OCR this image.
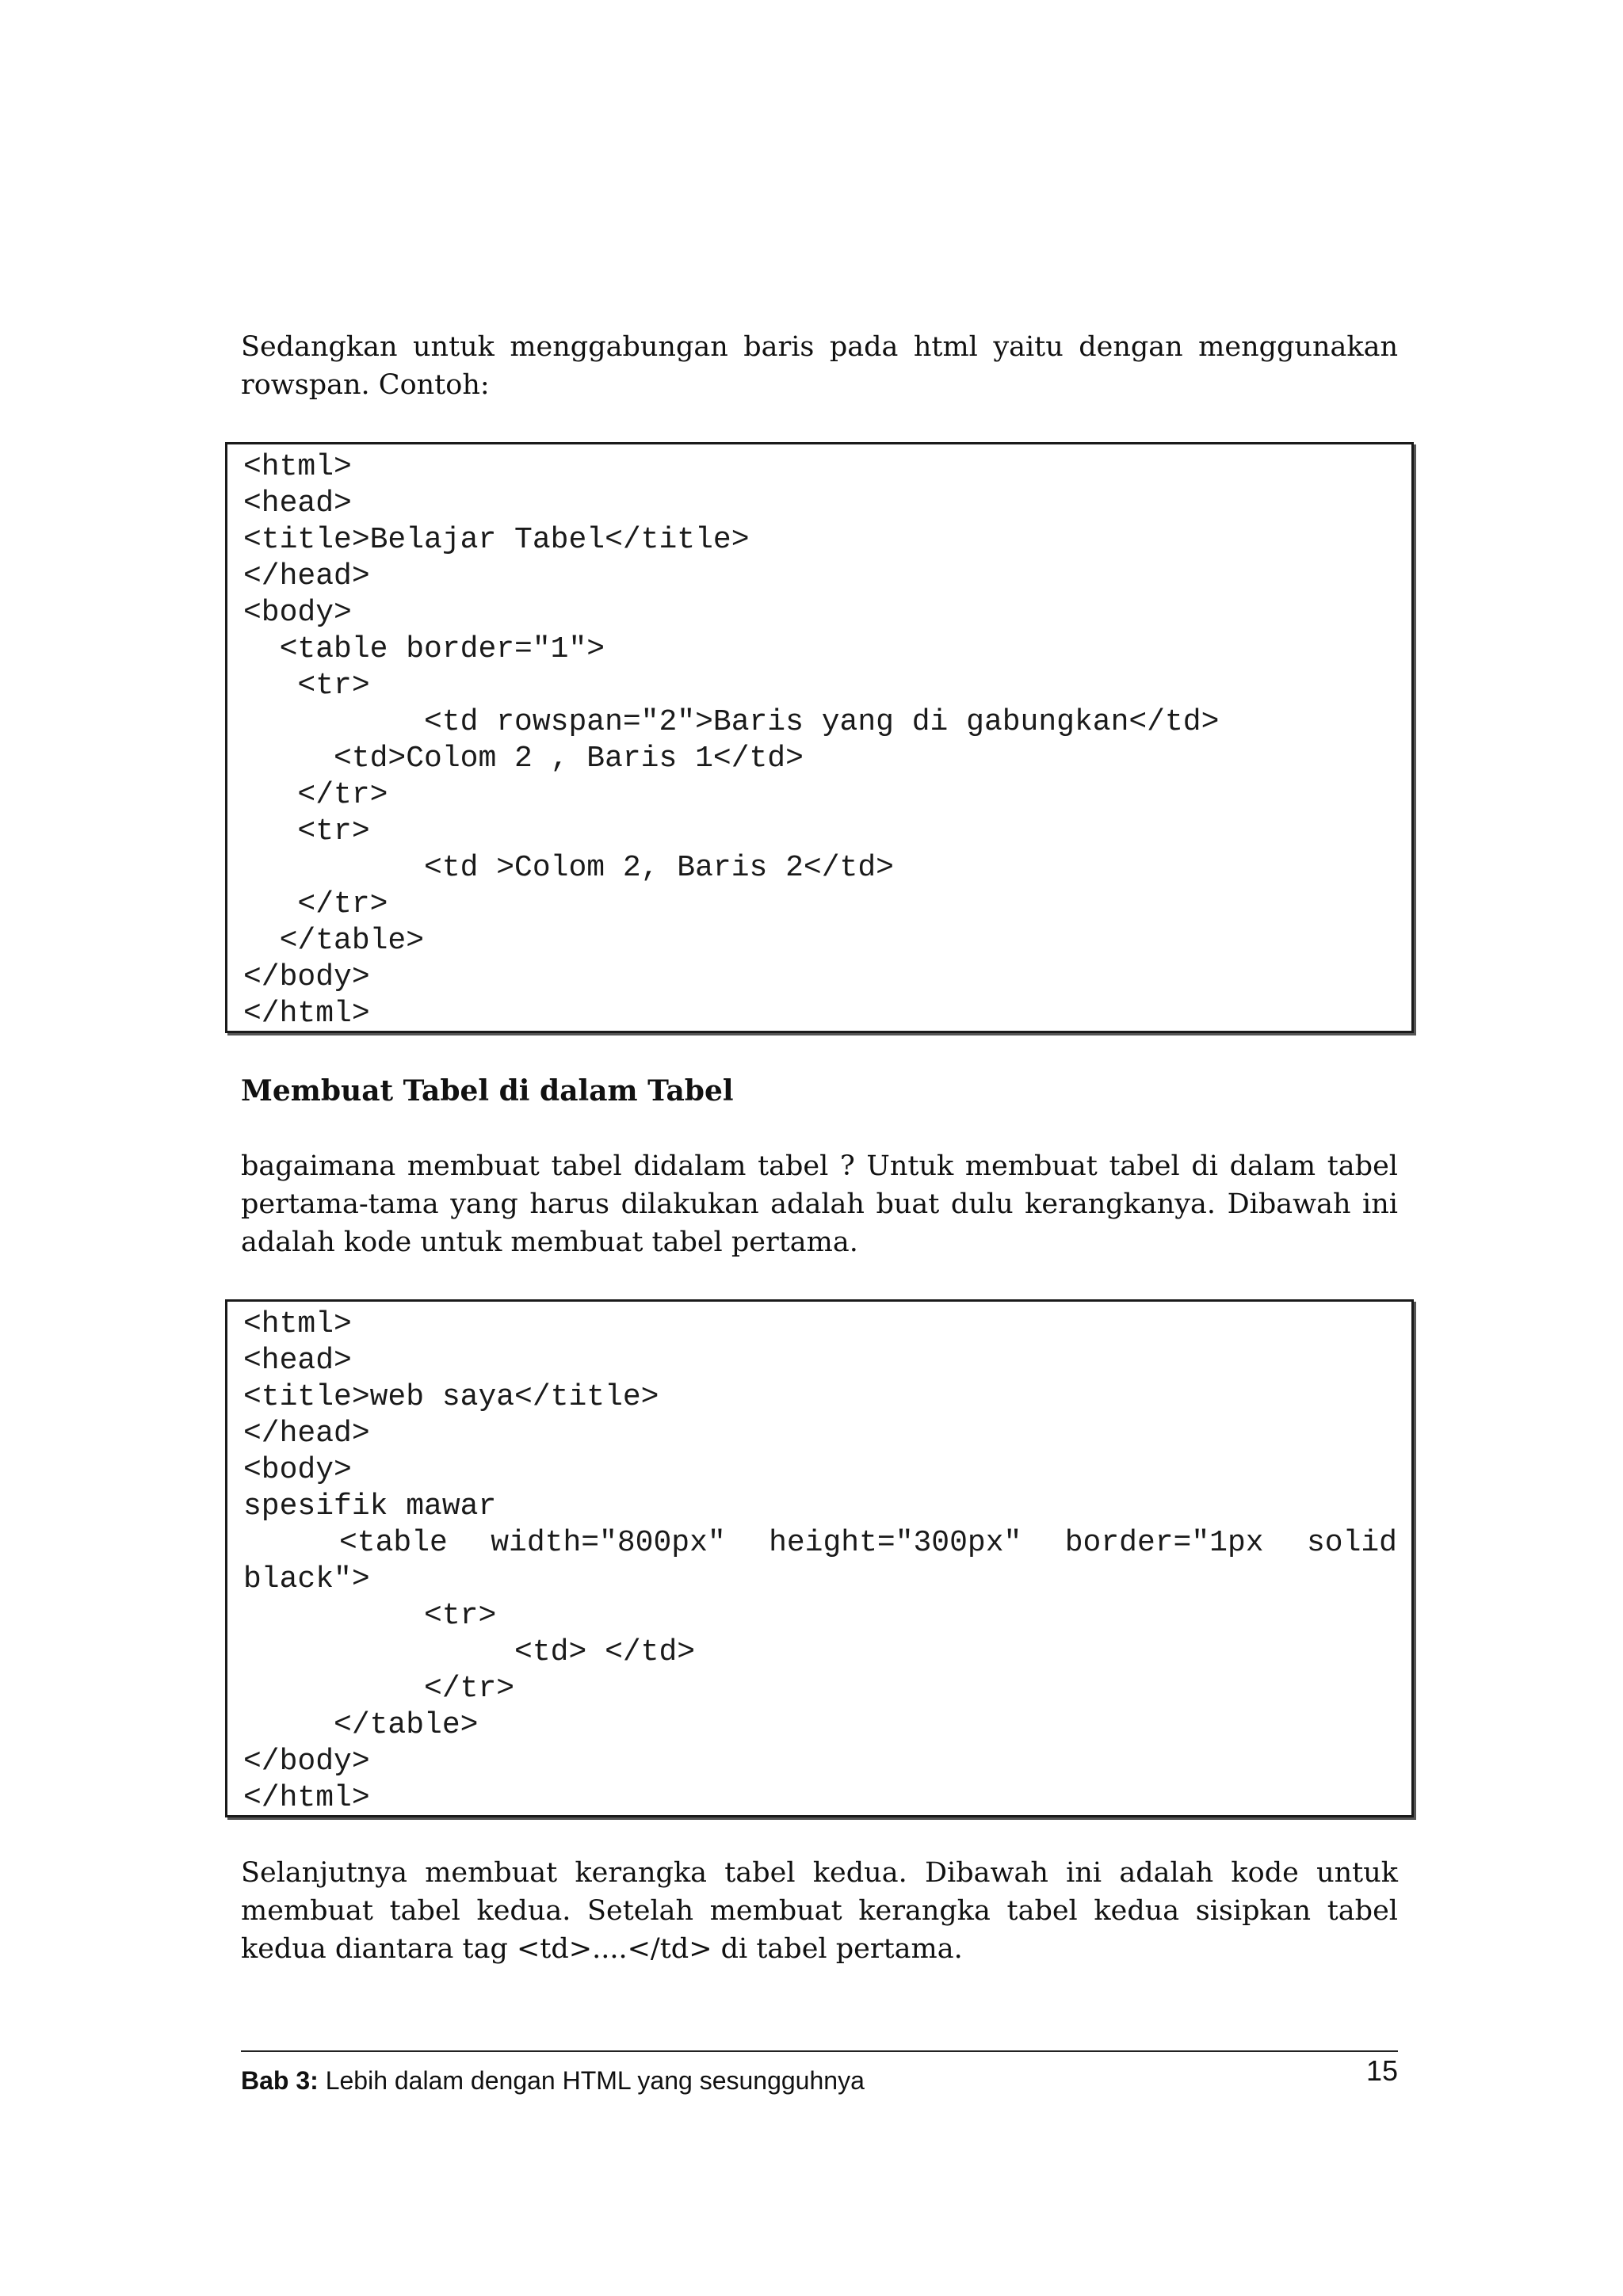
Sedangkan untuk menggabungan baris pada html yaitu dengan menggunakan rowspan. Contoh:

<html>
<head>
<title>Belajar Tabel</title>
</head>
<body>
<table border="1">
<tr>
<td rowspan="2">Baris yang di gabungkan</td>
<td>Colom 2 , Baris 1</td>
</tr>
<tr>
<td >Colom 2, Baris 2</td>
</tr>
</table>
</body>
</html>
Membuat Tabel di dalam Tabel

bagaimana membuat tabel didalam tabel ? Untuk membuat tabel di dalam tabel pertama-tama yang harus dilakukan adalah buat dulu kerangkanya. Dibawah ini adalah kode untuk membuat tabel pertama.

<html>
<head>
<title>web saya</title>
</head>
<body>
spesifik mawar

<table width="800px" height="300px" border="1px solid
black">
<tr>
<td> </td>
</tr>
</table>
</body>
</html>

Selanjutnya membuat kerangka tabel kedua. Dibawah ini adalah kode untuk membuat tabel kedua. Setelah membuat kerangka tabel kedua sisipkan tabel kedua diantara tag <td>....</td> di tabel pertama.

Bab 3: Lebih dalam dengan HTML yang sesungguhnya	15
